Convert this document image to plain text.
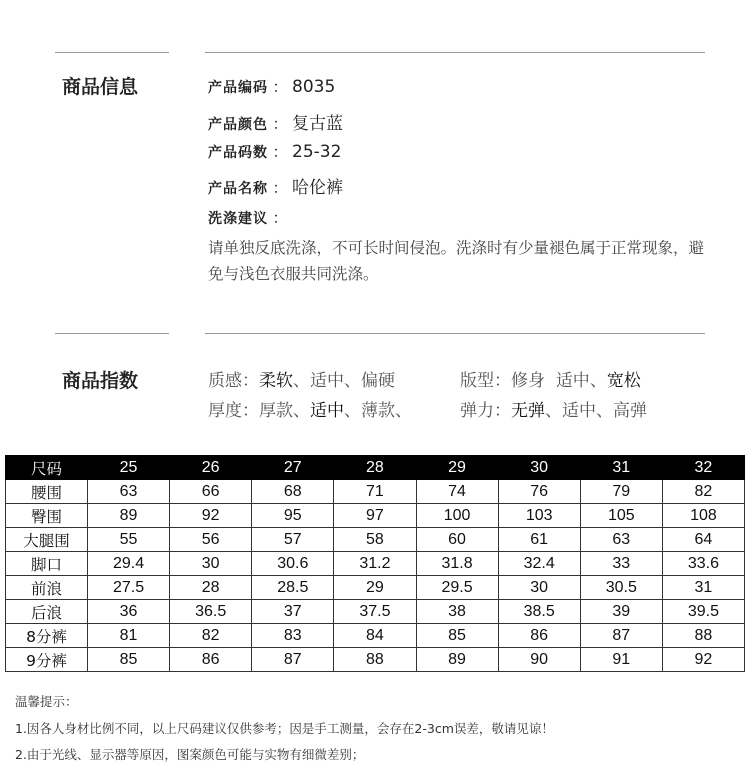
商品信息	产品编码 ： 8035
产品颜色 ： 复古蓝
产品码数 ： 25-32
产品名称 ： 哈伦裤
洗涤建议 ：
请单独反底洗涤，不可长时间侵泡。洗涤时有少量褪色属于正常现象，避免与浅色衣服共同洗涤。
商品指数	质感：柔软、适中、偏硬	版型：修身 适中、宽松
厚度：厚款、适中、薄款、	弹力：无弹、适中、高弹
尺码	25	26	27	28	29	30	31	32
腰围	63	66	68	71	74	76	79	82
臀围	89	92	95	97	100	103	105	108
大腿围	55	56	57	58	60	61	63	64
脚口	29.4	30	30.6	31.2	31.8	32.4	33	33.6
前浪	27.5	28	28.5	29	29.5	30	30.5	31
后浪	36	36.5	37	37.5	38	38.5	39	39.5
8分裤	81	82	83	84	85	86	87	88
9分裤	85	86	87	88	89	90	91	92
温馨提示：
1.因各人身材比例不同，以上尺码建议仅供参考；因是手工测量，会存在2-3cm误差，敬请见谅！
2.由于光线、显示器等原因，图案颜色可能与实物有细微差别；
